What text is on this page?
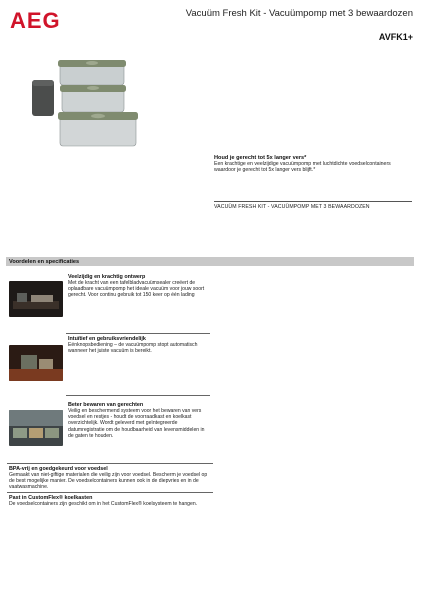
AEG	Vacuüm Fresh Kit - Vacuümpomp met 3 bewaardozen
AVFK1+
Houd je gerecht tot 5x langer vers*
Een krachtige en veelzijdige vacuümpomp met luchtdichte voedselcontainers waardoor je gerecht tot 5x langer vers blijft.*
VACUÜM FRESH KIT - VACUÜMPOMP MET 3 BEWAARDOZEN
Voordelen en specificaties
Veelzijdig en krachtig ontwerp
Met de kracht van een tafelbladvacuümsealer creëert de oplaadbare vacuümpomp het ideale vacuüm voor jouw soort gerecht. Voor continu gebruik tot 150 keer op één lading
Intuïtief en gebruiksvriendelijk
Eénknopsbediening – de vacuümpomp stopt automatisch wanneer het juiste vacuüm is bereikt.
Beter bewaren van gerechten
Veilig en beschermend systeem voor het bewaren van vers voedsel en restjes - houdt de voorraadkast en koelkast overzichtelijk. Wordt geleverd met geïntegreerde datumregistratie om de houdbaarheid van levensmiddelen in de gaten te houden.
BPA-vrij en goedgekeurd voor voedsel
Gemaakt van niet-giftige materialen die veilig zijn voor voedsel. Bescherm je voedsel op de best mogelijke manier. De voedselcontainers kunnen ook in de diepvries en in de vaatwasmachine.
Past in CustomFlex® koelkasten
De voedselcontainers zijn geschikt om in het CustomFlex® koelsysteem te hangen.
